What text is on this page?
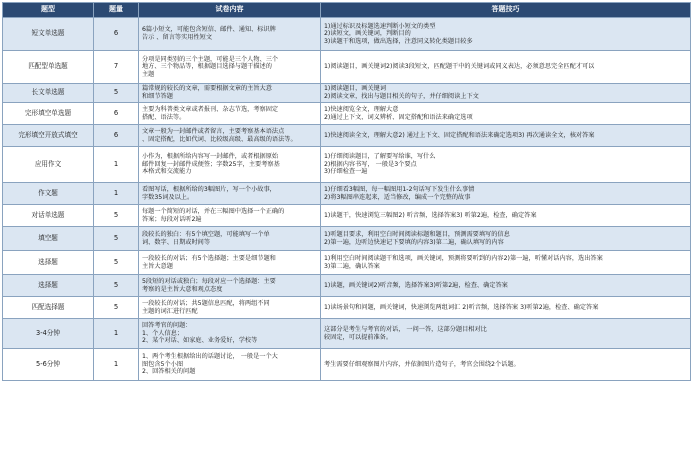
题型	题量	试卷内容	答题技巧
短文单选题	6	6篇小短文，可能包含短信、邮件、通知、标识牌
告示 、留言等实用性短文	1)通过标识及标题选速判断小短文的类型
2)读短文，画关键词，判断目的
3)读题干和选项，做出选择，注意同义转化类题目较多

匹配型单选题	7	分项是同类别的三个主题，可能是三个人物、三个
地方、三个物品等，根据题目选择与题干描述的
主题	1)阅读题目，画关键词2)阅读3段短文，匹配题干中的关键词或同义表达，必须意思完全匹配才可以

长文单选题	5	篇常规的较长的文章，需要根据文章的主旨大意
和细节答题	1)阅读题目，画关键词
2)阅读文章，找出与题目相关的句子，并仔细阅读上下文

完形填空单选题	6	主要为科普类文章或者报刊、杂志节选，考察固定
搭配、语法等。	1)快速阅览全文，理解大意
2)通过上下文、词义辨析、固定搭配和语法来确定选项

完形填空开放式填空	6	文章一般为一封邮件或者留言，主要考察基本语法点
、固定搭配，比如代词、比较级高级、最高级的语法等。	1)快速阅读全文，理解大意2) 通过上下文、固定搭配和语法来确定选项3) 再次通读全文，核对答案

应用作文	1	小作为，根据所给内容写一封邮件，或者根据原始
邮件回复一封邮件成便签；字数25字，主要考察基
本格式和交流能力	1)仔细阅读题目，了解要写给谁，写什么
2)根据内容书写， 一般是3个要点
3)仔细检查一遍

作文题	1	看图写话，根据所给的3幅图片，写一个小故事，
字数35词及以上。	1)仔细看3幅图，每一幅图用1-2句话写下发生什么事情
2)将3幅图串连起来，适当修改，编成一个完整的故事

对话单选题	5	每题一个简短的对话，并在三幅图中选择一个正确的
答案；每段对话听2遍	1)读题干，快速浏览三幅图2) 听音频，选择答案3) 听第2遍，检查，确定答案

填空题	5	段较长的独白：有5个填空题，可能填写一个单
词、数字、日期或时间等	1)听题目要求，利用空白时间阅读标题和题目，预测需要填写的信息
2)第一遍，边听边快速记下要填的内容3)第二遍，确认填写的内容

选择题	5	一段较长的对话；有5个选择题；主要是细节题和
主旨大意题	1)利用空白时间阅读题干和选项，画关键词，预测将要听到的内容2)第一遍，听懂对话内容，选出答案
3)第二遍，确认答案

选择题	5	5段短的对话或独白；每段对应一个选择题：主要
考察的是主旨大意和观点态度	1)读题，画关键词2)听音频，选择答案3)听第2遍，检查、确定答案

匹配选择题	5	一段较长的对话；共5题信息匹配，将两组不同
主题的词汇进行匹配	1)读场景句和问题，画关键词，快速浏览两组词汇 2)听音频，选择答案 3)听第2遍，检查、确定答案

3-4分钟	1	回答考官的问题：
1、个人信息；
2、某个对话、如家庭、业务爱好，学校等	这部分是考生与考官的对话， 一问一答，这部分题目相对比
较固定，可以提前准备。

5-6分钟	1	1、两个考生根据给出的话题讨论， 一般是一个大
图包含5个小图
2、回答相关的问题	考生需要仔细观察图片内容，并依据图片造句子，考官会围绕2个话题。
